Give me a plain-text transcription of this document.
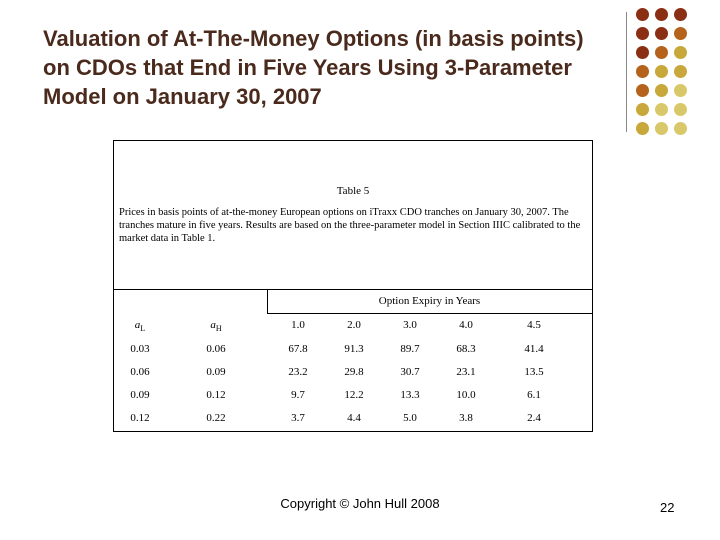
Valuation of At-The-Money Options (in basis points) on CDOs that End in Five Years Using 3-Parameter Model on January 30, 2007
Table 5
Prices in basis points of at-the-money European options on iTraxx CDO tranches on January 30, 2007. The tranches mature in five years. Results are based on the three-parameter model in Section IIIC calibrated to the market data in Table 1.
Option Expiry in Years
$a_L$	$a_H$	1.0	2.0	3.0	4.0	4.5
0.03	0.06	67.8	91.3	89.7	68.3	41.4
0.06	0.09	23.2	29.8	30.7	23.1	13.5
0.09	0.12	9.7	12.2	13.3	10.0	6.1
0.12	0.22	3.7	4.4	5.0	3.8	2.4
Copyright © John Hull 2008	22
